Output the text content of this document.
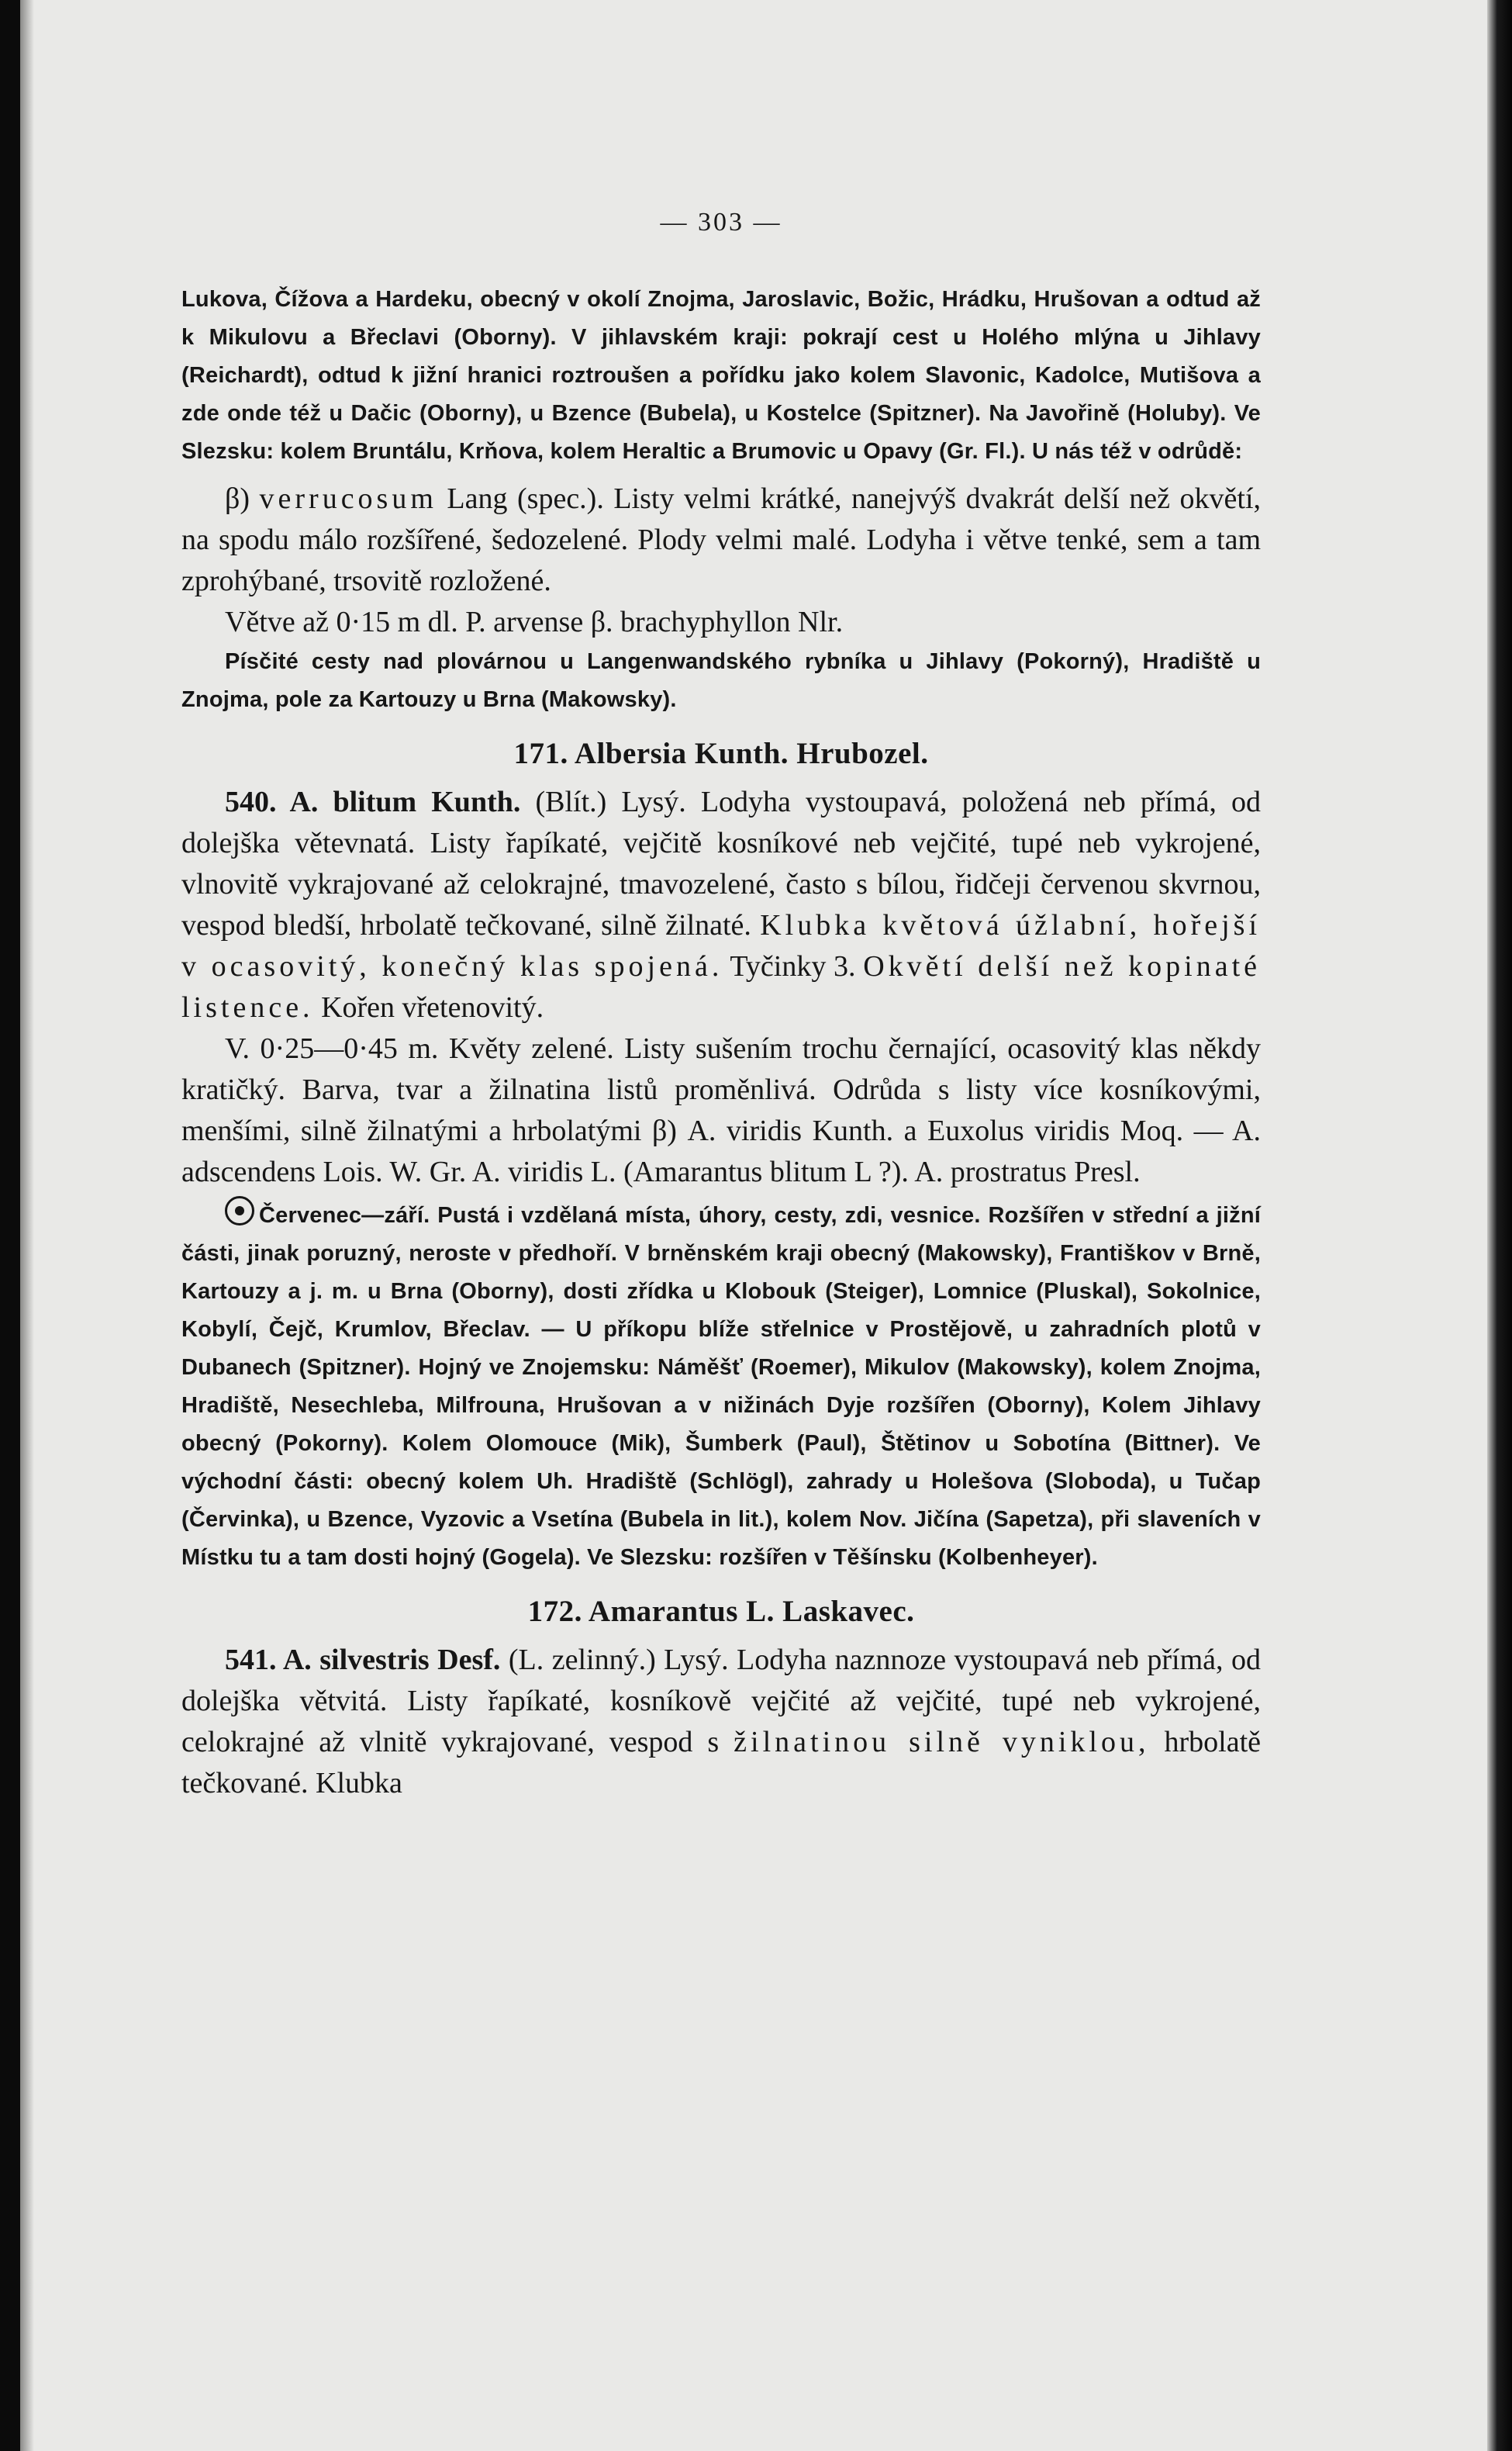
— 303 —

Lukova, Čížova a Hardeku, obecný v okolí Znojma, Jaroslavic, Božic, Hrádku, Hrušovan a odtud až k Mikulovu a Břeclavi (Oborny). V jihlavském kraji: pokrají cest u Holého mlýna u Jihlavy (Reichardt), odtud k jižní hranici roztroušen a pořídku jako kolem Slavonic, Kadolce, Mutišova a zde onde též u Dačic (Oborny), u Bzence (Bubela), u Kostelce (Spitzner). Na Javořině (Holuby). Ve Slezsku: kolem Bruntálu, Krňova, kolem Heraltic a Brumovic u Opavy (Gr. Fl.). U nás též v odrůdě:

β) verrucosum Lang (spec.). Listy velmi krátké, nanejvýš dvakrát delší než okvětí, na spodu málo rozšířené, šedozelené. Plody velmi malé. Lodyha i větve tenké, sem a tam zprohýbané, trsovitě rozložené.

Větve až 0·15 m dl. P. arvense β. brachyphyllon Nlr.

Písčité cesty nad plovárnou u Langenwandského rybníka u Jihlavy (Pokorný), Hradiště u Znojma, pole za Kartouzy u Brna (Makowsky).

171. Albersia Kunth. Hrubozel.

540. A. blitum Kunth. (Blít.) Lysý. Lodyha vystoupavá, položená neb přímá, od dolejška větevnatá. Listy řapíkaté, vejčitě kosníkové neb vejčité, tupé neb vykrojené, vlnovitě vykrajované až celokrajné, tmavozelené, často s bílou, řidčeji červenou skvrnou, vespod bledší, hrbolatě tečkované, silně žilnaté. Klubka květová úžlabní, hořejší v ocasovitý, konečný klas spojená. Tyčinky 3. Okvětí delší než kopinaté listence. Kořen vřetenovitý.

V. 0·25—0·45 m. Květy zelené. Listy sušením trochu černající, ocasovitý klas někdy kratičký. Barva, tvar a žilnatina listů proměnlivá. Odrůda s listy více kosníkovými, menšími, silně žilnatými a hrbolatými β) A. viridis Kunth. a Euxolus viridis Moq. — A. adscendens Lois. W. Gr. A. viridis L. (Amarantus blitum L ?). A. prostratus Presl.

Červenec—září. Pustá i vzdělaná místa, úhory, cesty, zdi, vesnice. Rozšířen v střední a jižní části, jinak poruzný, neroste v předhoří. V brněnském kraji obecný (Makowsky), Františkov v Brně, Kartouzy a j. m. u Brna (Oborny), dosti zřídka u Klobouk (Steiger), Lomnice (Pluskal), Sokolnice, Kobylí, Čejč, Krumlov, Břeclav. — U příkopu blíže střelnice v Prostějově, u zahradních plotů v Dubanech (Spitzner). Hojný ve Znojemsku: Náměšť (Roemer), Mikulov (Makowsky), kolem Znojma, Hradiště, Nesechleba, Milfrouna, Hrušovan a v nižinách Dyje rozšířen (Oborny), Kolem Jihlavy obecný (Pokorny). Kolem Olomouce (Mik), Šumberk (Paul), Štětinov u Sobotína (Bittner). Ve východní části: obecný kolem Uh. Hradiště (Schlögl), zahrady u Holešova (Sloboda), u Tučap (Červinka), u Bzence, Vyzovic a Vsetína (Bubela in lit.), kolem Nov. Jičína (Sapetza), při slaveních v Místku tu a tam dosti hojný (Gogela). Ve Slezsku: rozšířen v Těšínsku (Kolbenheyer).

172. Amarantus L. Laskavec.

541. A. silvestris Desf. (L. zelinný.) Lysý. Lodyha naznnoze vystoupavá neb přímá, od dolejška větvitá. Listy řapíkaté, kosníkově vejčité až vejčité, tupé neb vykrojené, celokrajné až vlnitě vykrajované, vespod s žilnatinou silně vyniklou, hrbolatě tečkované. Klubka
